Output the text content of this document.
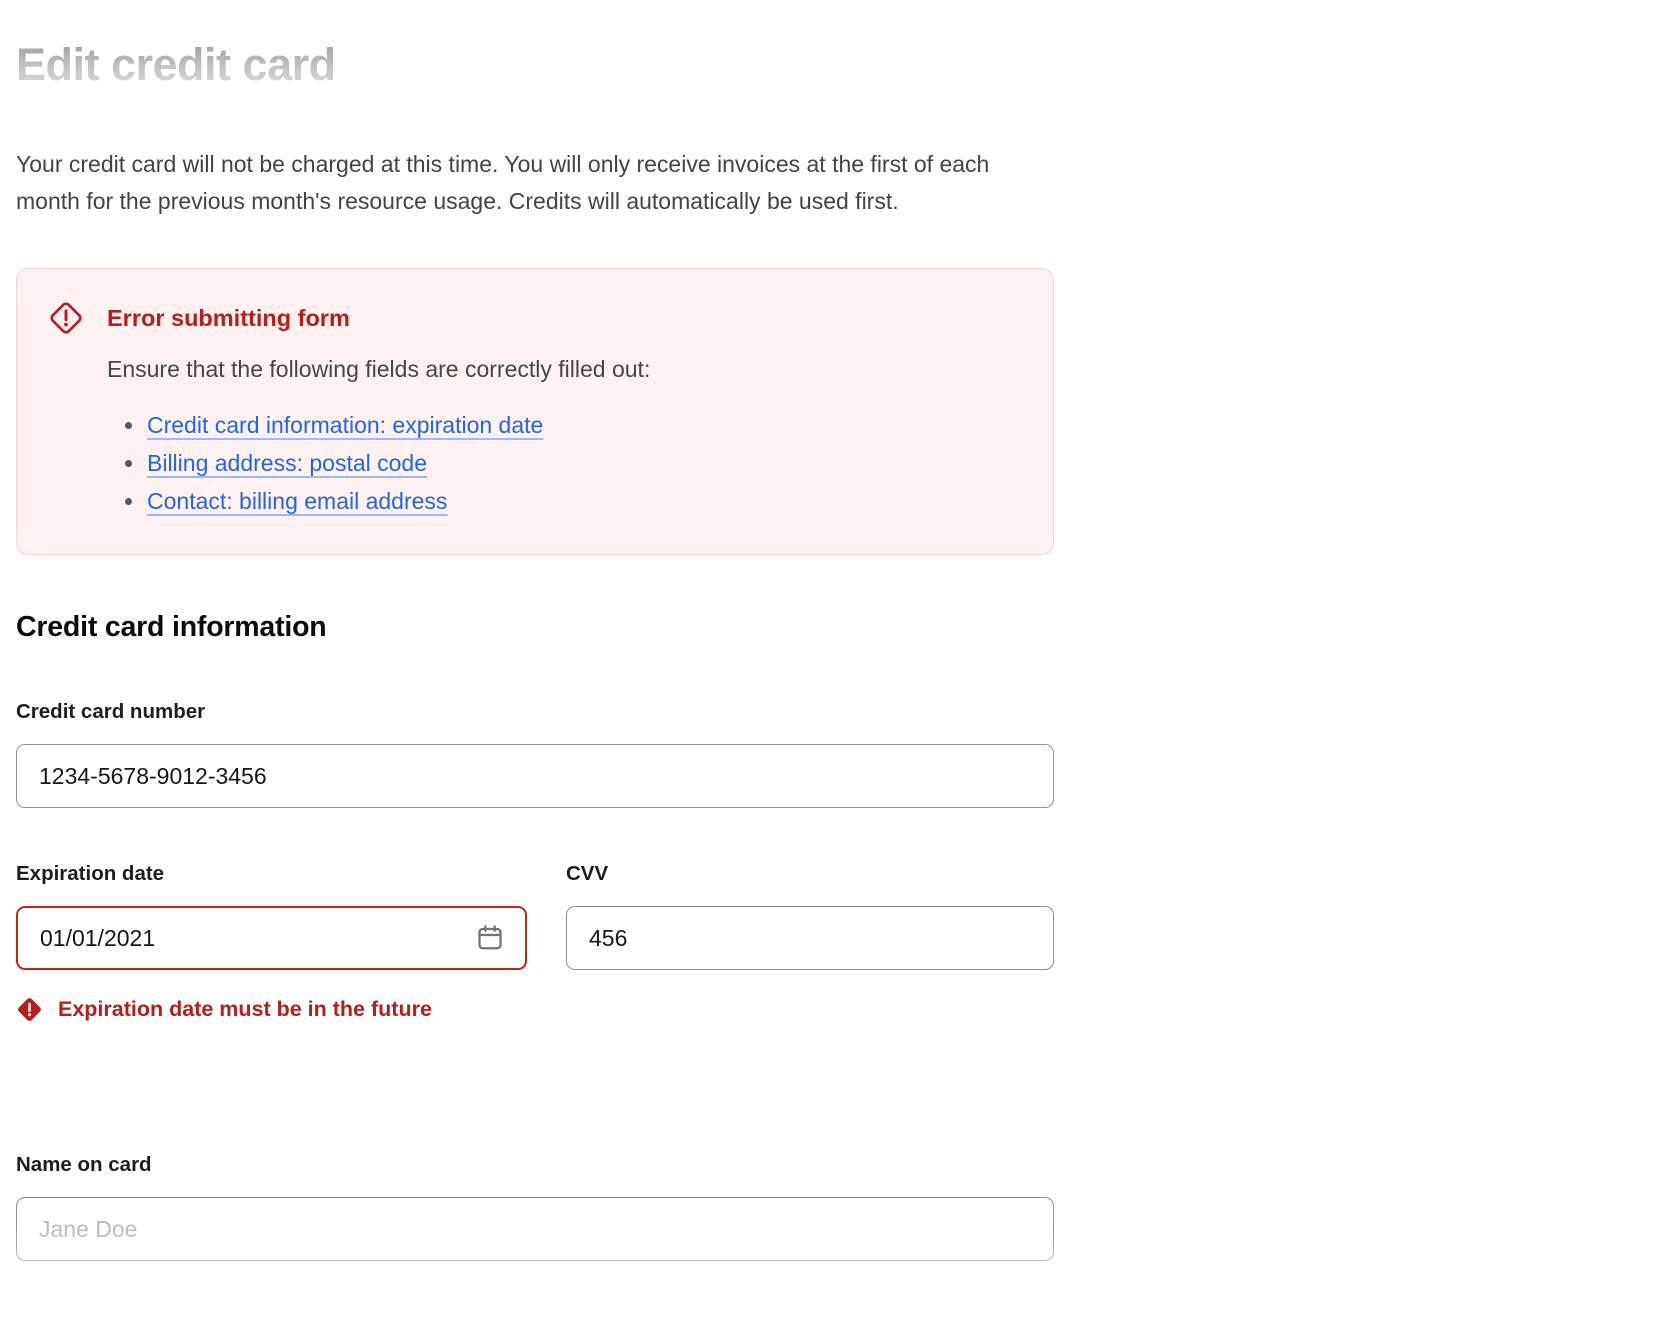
Edit credit card

Your credit card will not be charged at this time. You will only receive invoices at the first of each month for the previous month's resource usage. Credits will automatically be used first.

Error submitting form
Ensure that the following fields are correctly filled out:
Credit card information: expiration date
Billing address: postal code
Contact: billing email address
Credit card information
Credit card number
1234-5678-9012-3456
Expiration date
01/01/2021
Expiration date must be in the future
CVV
456
Name on card
Jane Doe
